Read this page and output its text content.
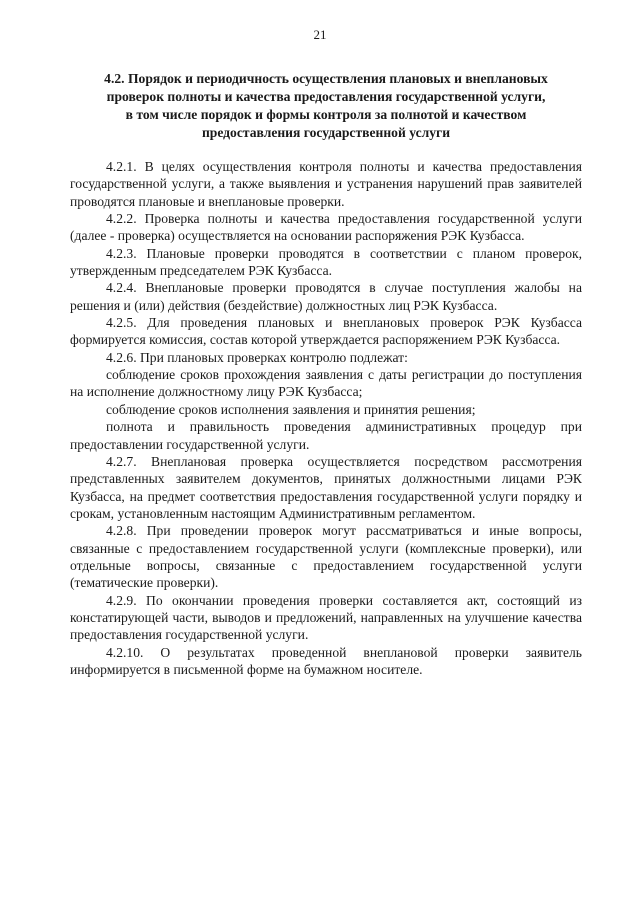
21
4.2. Порядок и периодичность осуществления плановых и внеплановых
проверок полноты и качества предоставления государственной услуги,
в том числе порядок и формы контроля за полнотой и качеством
предоставления государственной услуги

4.2.1. В целях осуществления контроля полноты и качества предоставления государственной услуги, а также выявления и устранения нарушений прав заявителей проводятся плановые и внеплановые проверки.

4.2.2. Проверка полноты и качества предоставления государственной услуги (далее - проверка) осуществляется на основании распоряжения РЭК Кузбасса.

4.2.3. Плановые проверки проводятся в соответствии с планом проверок, утвержденным председателем РЭК Кузбасса.

4.2.4. Внеплановые проверки проводятся в случае поступления жалобы на решения и (или) действия (бездействие) должностных лиц РЭК Кузбасса.

4.2.5. Для проведения плановых и внеплановых проверок РЭК Кузбасса формируется комиссия, состав которой утверждается распоряжением РЭК Кузбасса.

4.2.6. При плановых проверках контролю подлежат:

соблюдение сроков прохождения заявления с даты регистрации до поступления на исполнение должностному лицу РЭК Кузбасса;

соблюдение сроков исполнения заявления и принятия решения;

полнота и правильность проведения административных процедур при предоставлении государственной услуги.

4.2.7. Внеплановая проверка осуществляется посредством рассмотрения представленных заявителем документов, принятых должностными лицами РЭК Кузбасса, на предмет соответствия предоставления государственной услуги порядку и срокам, установленным настоящим Административным регламентом.

4.2.8. При проведении проверок могут рассматриваться и иные вопросы, связанные с предоставлением государственной услуги (комплексные проверки), или отдельные вопросы, связанные с предоставлением государственной услуги (тематические проверки).

4.2.9. По окончании проведения проверки составляется акт, состоящий из констатирующей части, выводов и предложений, направленных на улучшение качества предоставления государственной услуги.

4.2.10. О результатах проведенной внеплановой проверки заявитель информируется в письменной форме на бумажном носителе.
